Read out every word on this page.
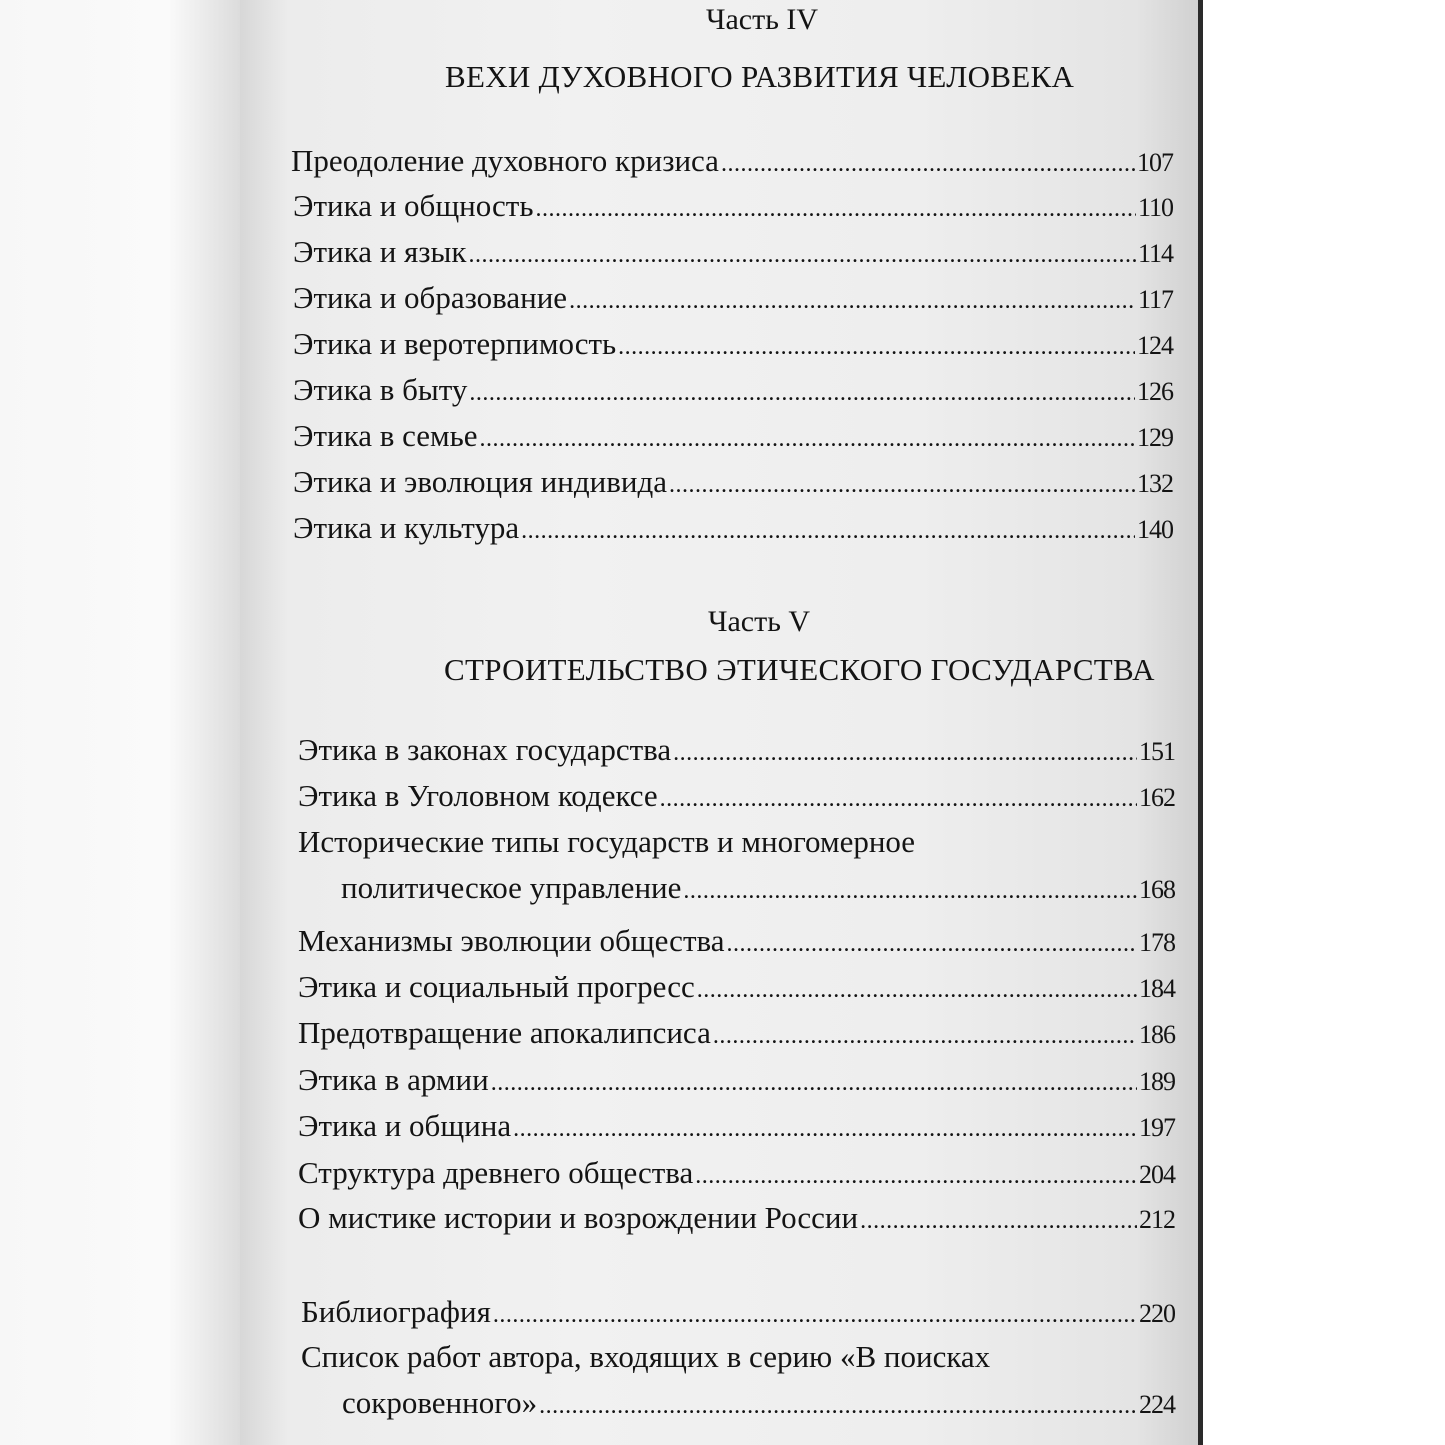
Часть IV
ВЕХИ ДУХОВНОГО РАЗВИТИЯ ЧЕЛОВЕКА
Преодоление духовного кризиса .....	107
Этика и общность .....	110
Этика и язык .....	114
Этика и образование .....	117
Этика и веротерпимость .....	124
Этика в быту .....	126
Этика в семье .....	129
Этика и эволюция индивида .....	132
Этика и культура .....	140
Часть V
СТРОИТЕЛЬСТВО ЭТИЧЕСКОГО ГОСУДАРСТВА
Этика в законах государства .....	151
Этика в Уголовном кодексе .....	162
Исторические типы государств и многомерное
политическое управление .....	168
Механизмы эволюции общества .....	178
Этика и социальный прогресс .....	184
Предотвращение апокалипсиса .....	186
Этика в армии .....	189
Этика и община .....	197
Структура древнего общества .....	204
О мистике истории и возрождении России .....	212
Библиография .....	220
Список работ автора, входящих в серию «В поисках
сокровенного» .....	224
